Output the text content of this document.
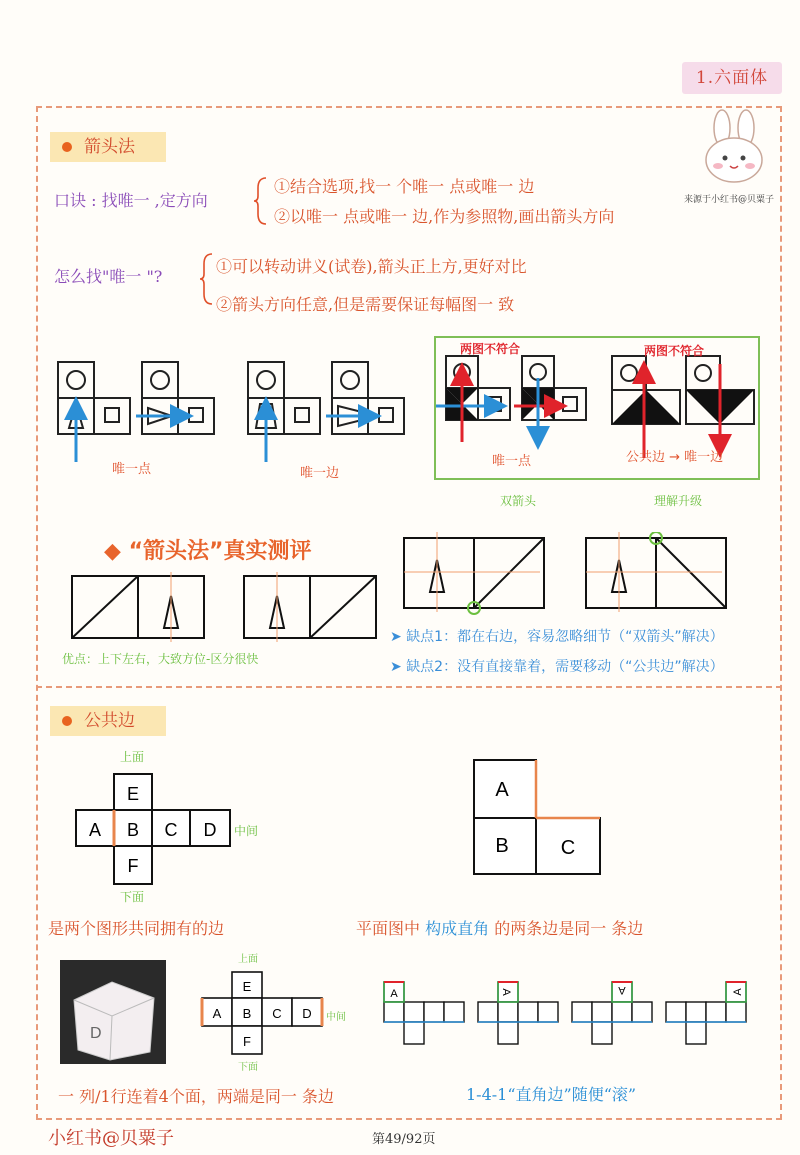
1.六面体
来源于小红书@贝粟子
箭头法
口诀 : 找唯一 ,定方向
①结合选项,找一 个唯一 点或唯一 边
②以唯一 点或唯一 边,作为参照物,画出箭头方向
怎么找"唯一 "?
①可以转动讲义(试卷),箭头正上方,更好对比
②箭头方向任意,但是需要保证每幅图一 致
唯一点	唯一边
两图不符合	两图不符合
唯一点	公共边 → 唯一边
双箭头	理解升级
◆ “箭头法”真实测评
优点：上下左右，大致方位-区分很快
➤ 缺点1：都在右边，容易忽略细节（“双箭头”解决）
➤ 缺点2：没有直接靠着，需要移动（“公共边”解决）
公共边
E
A B C D
F
上面
下面
中间
A
B	C
是两个图形共同拥有的边	平面图中 构成直角 的两条边是同一 条边
D
E
A B C D
F
上面
下面
中间
A	A	A	A
一 列/1行连着4个面，两端是同一 条边	1-4-1“直角边”随便“滚”
小红书@贝粟子	第49/92页
